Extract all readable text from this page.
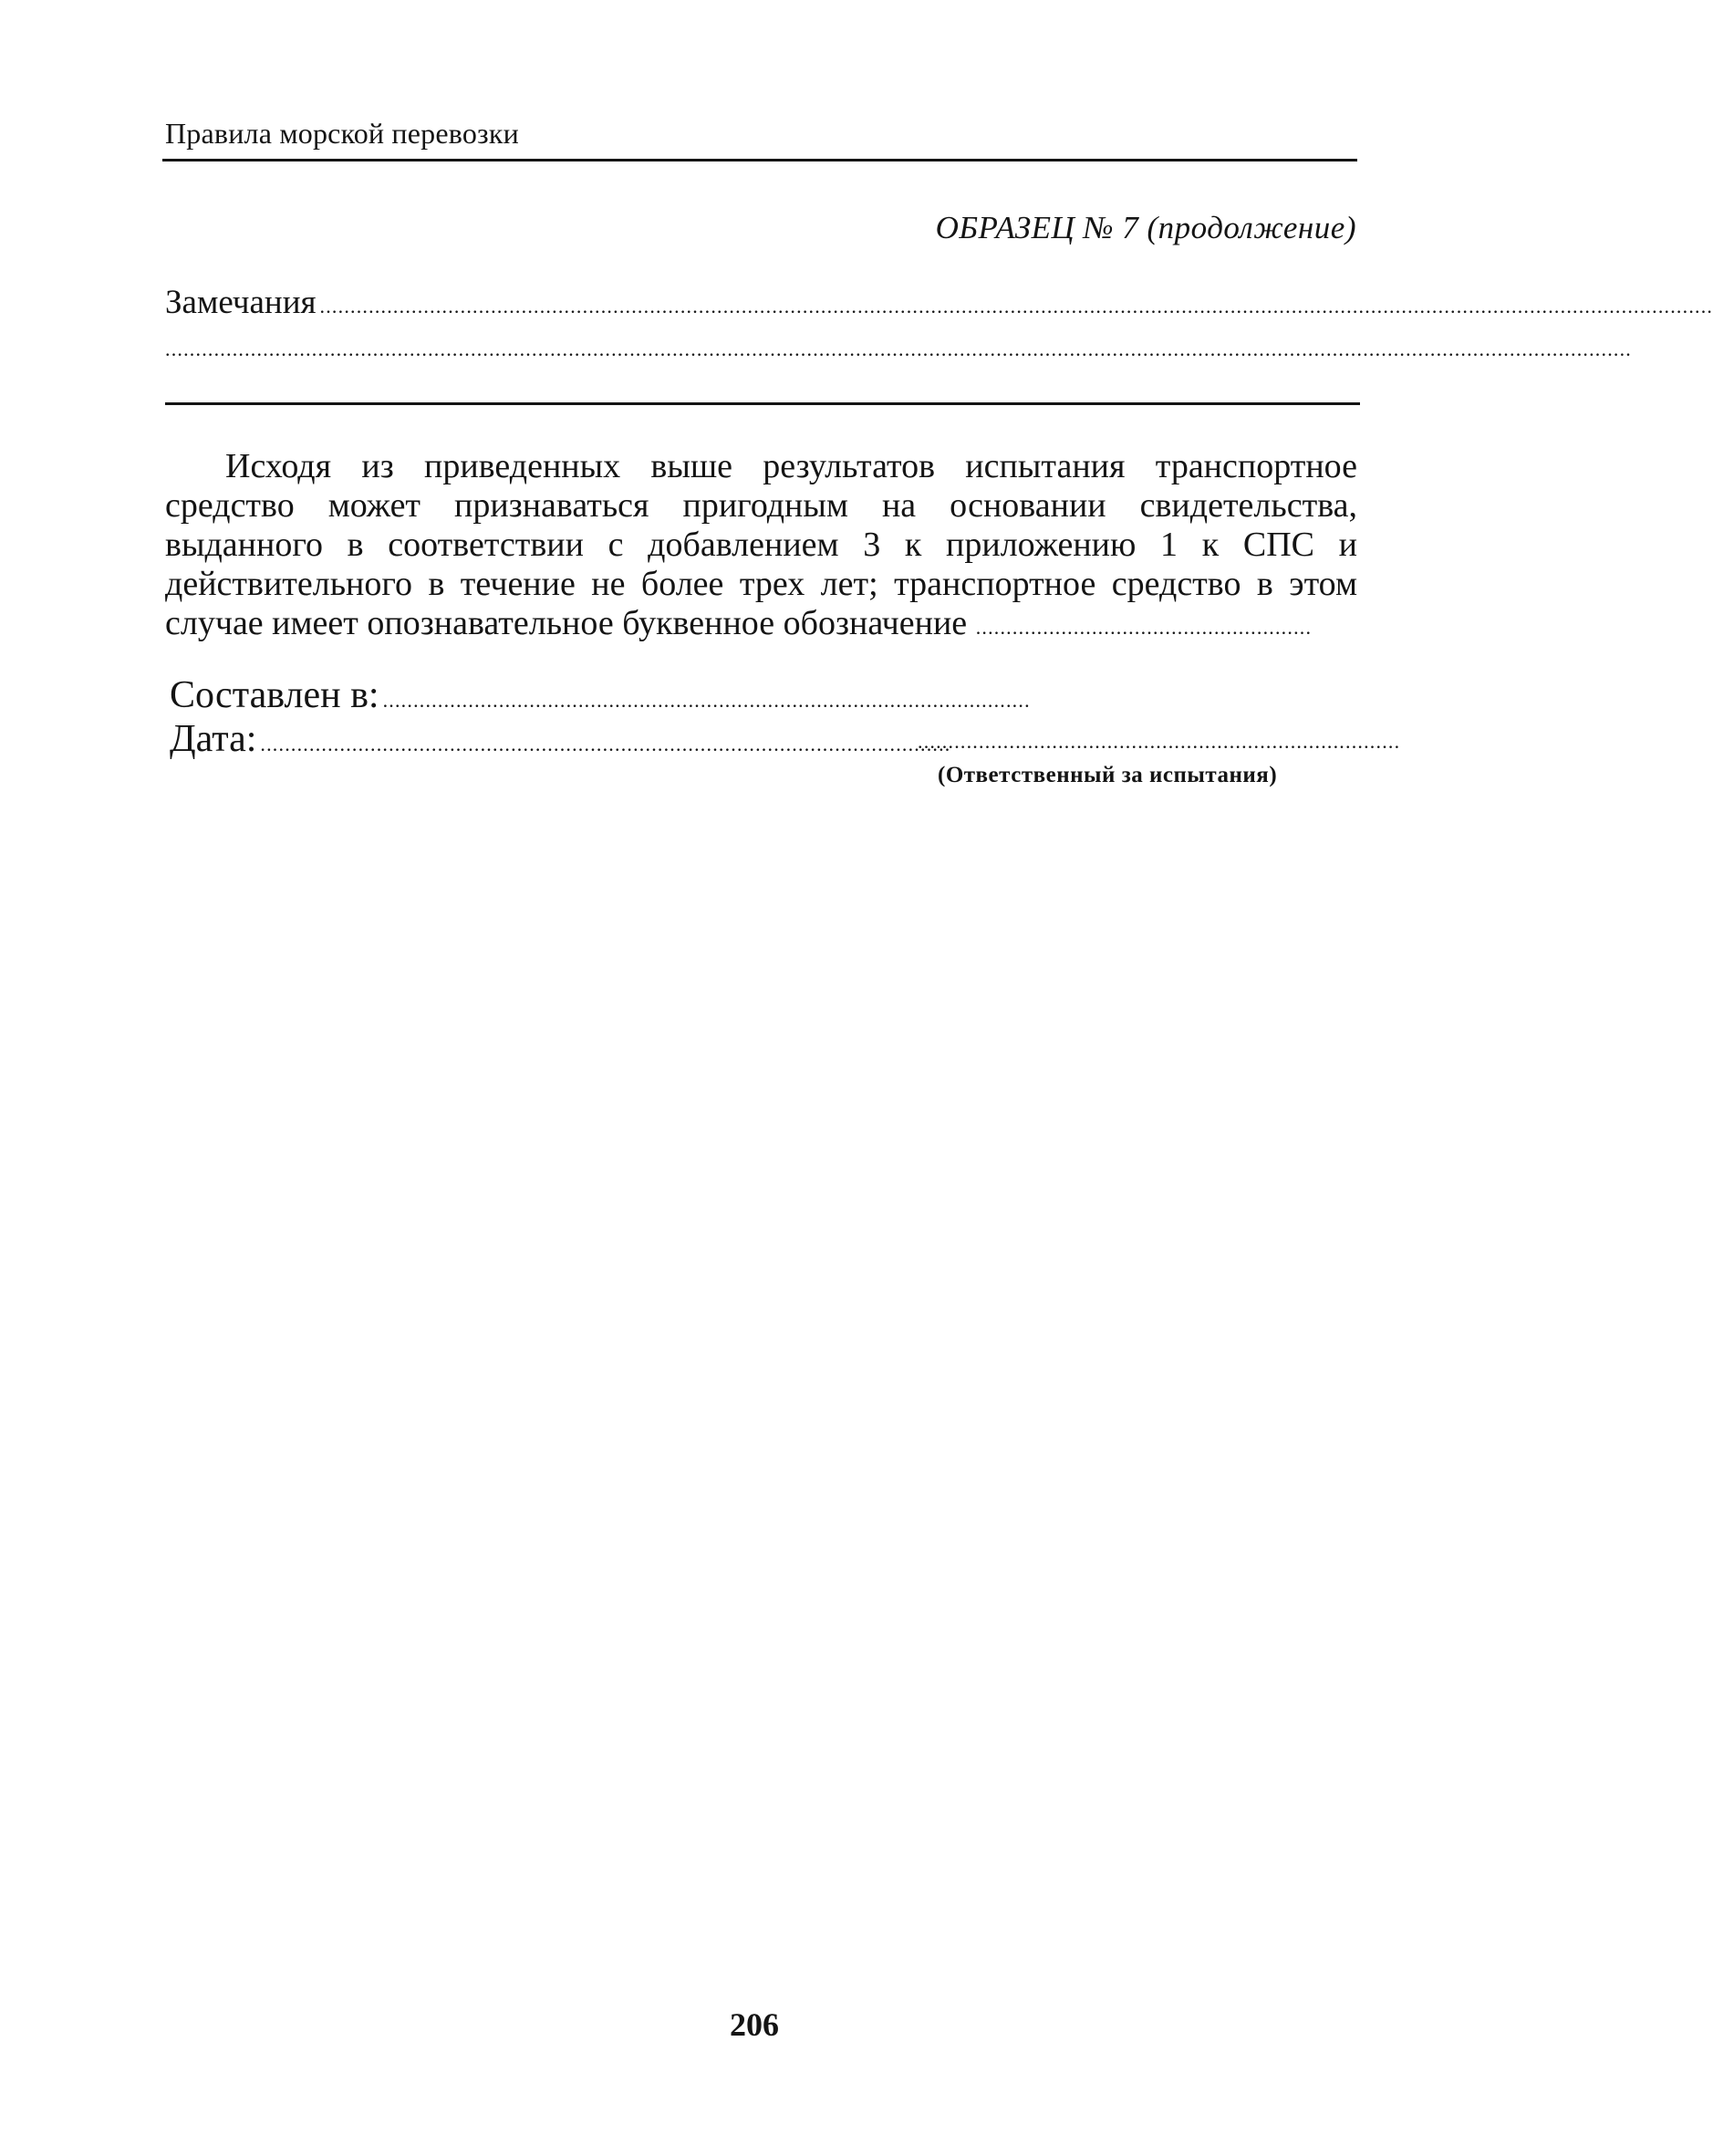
Правила морской перевозки
ОБРАЗЕЦ № 7 (продолжение)
Замечания ....................................................................................................................................................................................................................................
................................................................................................................................................................................................................................................
Исходя из приведенных выше результатов испытания транспортное средство может признаваться пригодным на основании свидетельства, выданного в соответствии с добавлением 3 к приложению 1 к СПС и действительного в течение не более трех лет; транспортное средство в этом случае имеет опознавательное буквенное обозначение .......................................................
Составлен в: ..........................................................................................................
Дата: .................................................................................................................
...............................................................................
(Ответственный за испытания)
206
